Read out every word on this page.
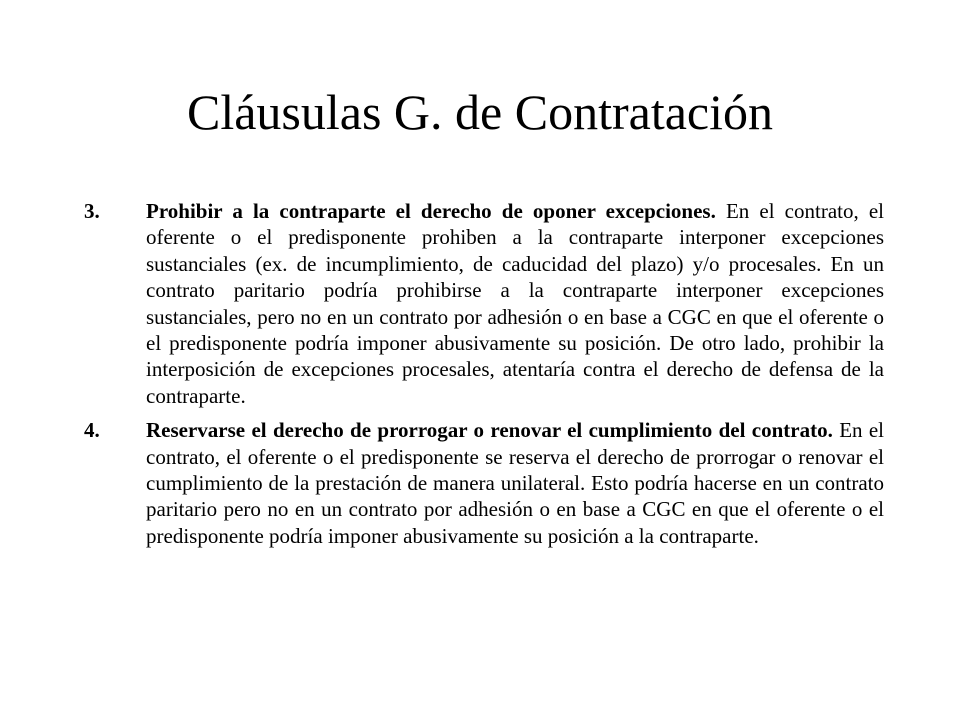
Cláusulas G. de Contratación
3. Prohibir a la contraparte el derecho de oponer excepciones. En el contrato, el oferente o el predisponente prohiben a la contraparte interponer excepciones sustanciales (ex. de incumplimiento, de caducidad del plazo) y/o procesales. En un contrato paritario podría prohibirse a la contraparte interponer excepciones sustanciales, pero no en un contrato por adhesión o en base a CGC en que el oferente o el predisponente podría imponer abusivamente su posición. De otro lado, prohibir la interposición de excepciones procesales, atentaría contra el derecho de defensa de la contraparte.
4. Reservarse el derecho de prorrogar o renovar el cumplimiento del contrato. En el contrato, el oferente o el predisponente se reserva el derecho de prorrogar o renovar el cumplimiento de la prestación de manera unilateral. Esto podría hacerse en un contrato paritario pero no en un contrato por adhesión o en base a CGC en que el oferente o el predisponente podría imponer abusivamente su posición a la contraparte.
